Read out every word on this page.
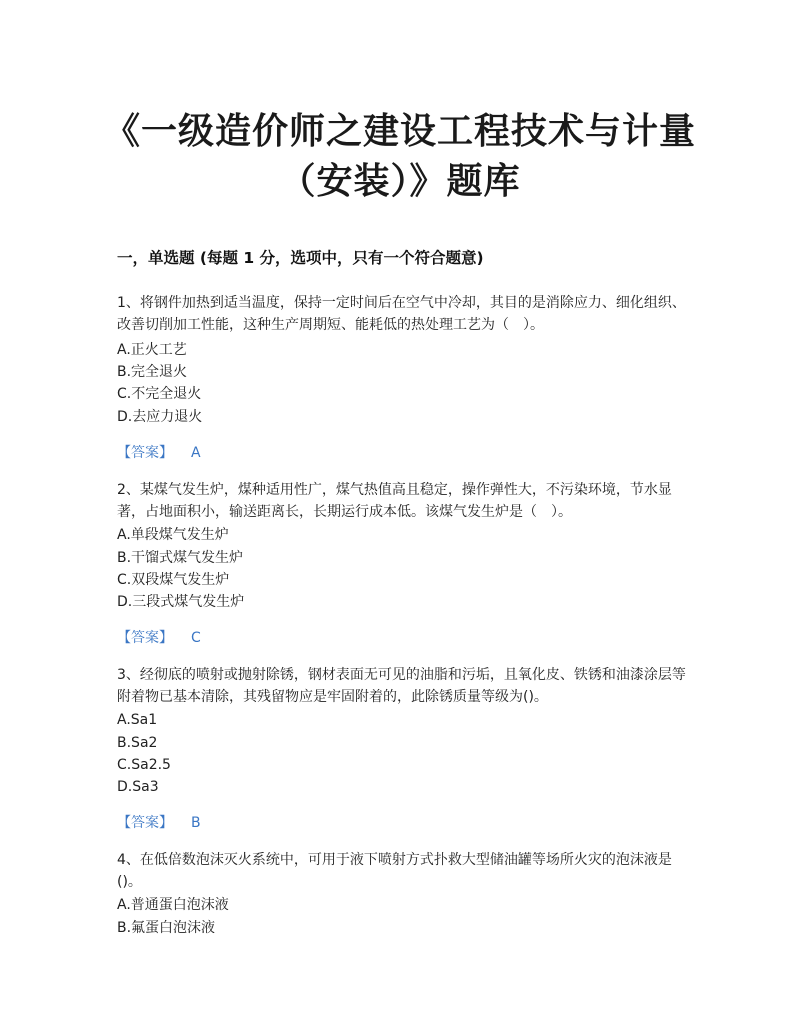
《一级造价师之建设工程技术与计量
（安装）》题库
一，单选题 (每题 1 分，选项中，只有一个符合题意)

1、将钢件加热到适当温度，保持一定时间后在空气中冷却，其目的是消除应力、细化组织、改善切削加工性能，这种生产周期短、能耗低的热处理工艺为（　）。

A.正火工艺
B.完全退火
C.不完全退火
D.去应力退火
【答案】 A

2、某煤气发生炉，煤种适用性广，煤气热值高且稳定，操作弹性大，不污染环境，节水显著，占地面积小，输送距离长，长期运行成本低。该煤气发生炉是（　）。

A.单段煤气发生炉
B.干馏式煤气发生炉
C.双段煤气发生炉
D.三段式煤气发生炉
【答案】 C

3、经彻底的喷射或抛射除锈，钢材表面无可见的油脂和污垢，且氧化皮、铁锈和油漆涂层等附着物已基本清除，其残留物应是牢固附着的，此除锈质量等级为()。

A.Sa1
B.Sa2
C.Sa2.5
D.Sa3
【答案】 B

4、在低倍数泡沫灭火系统中，可用于液下喷射方式扑救大型储油罐等场所火灾的泡沫液是()。

A.普通蛋白泡沫液
B.氟蛋白泡沫液
